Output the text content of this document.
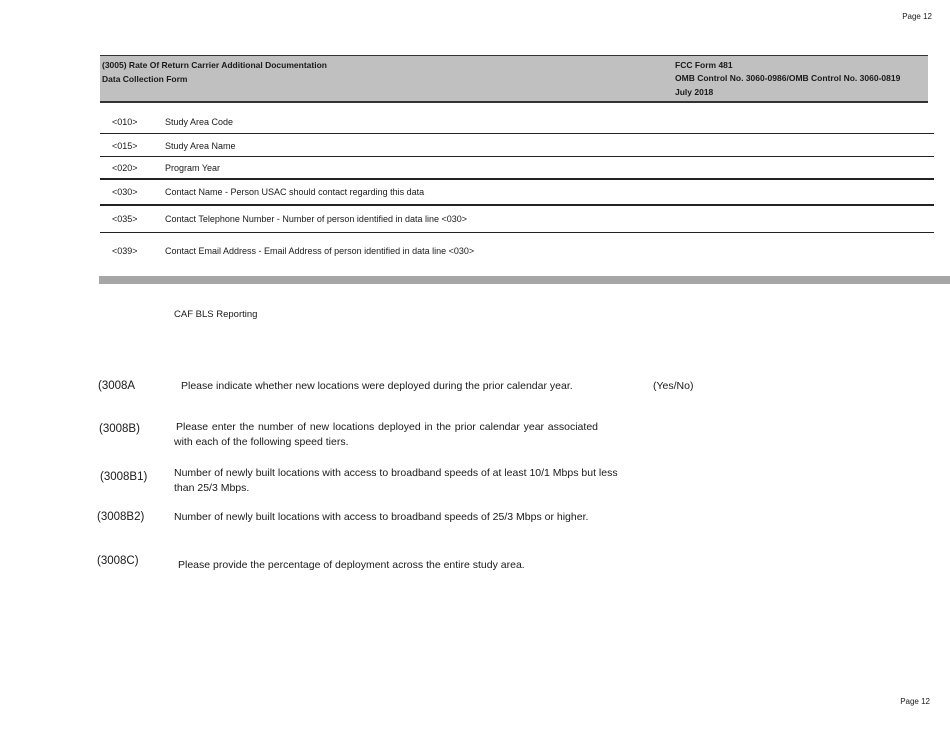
Page 12
(3005) Rate Of Return Carrier Additional Documentation
Data Collection Form
FCC Form 481
OMB Control No. 3060-0986/OMB Control No. 3060-0819
July 2018
<010>	Study Area Code
<015>	Study Area Name
<020>	Program Year
<030>	Contact Name - Person USAC should contact regarding this data
<035>	Contact Telephone Number - Number of person identified in data line <030>
<039>	Contact Email Address - Email Address of person identified in data line <030>
CAF BLS Reporting
(3008A	Please indicate whether new locations were deployed during the prior calendar year.	(Yes/No)
(3008B)	Please enter the number of new locations deployed in the prior calendar year associated with each of the following speed tiers.
(3008B1)	Number of newly built locations with access to broadband speeds of at least 10/1 Mbps but less than 25/3 Mbps.
(3008B2)	Number of newly built locations with access to broadband speeds of 25/3 Mbps or higher.
(3008C)	Please provide the percentage of deployment across the entire study area.
Page 12
